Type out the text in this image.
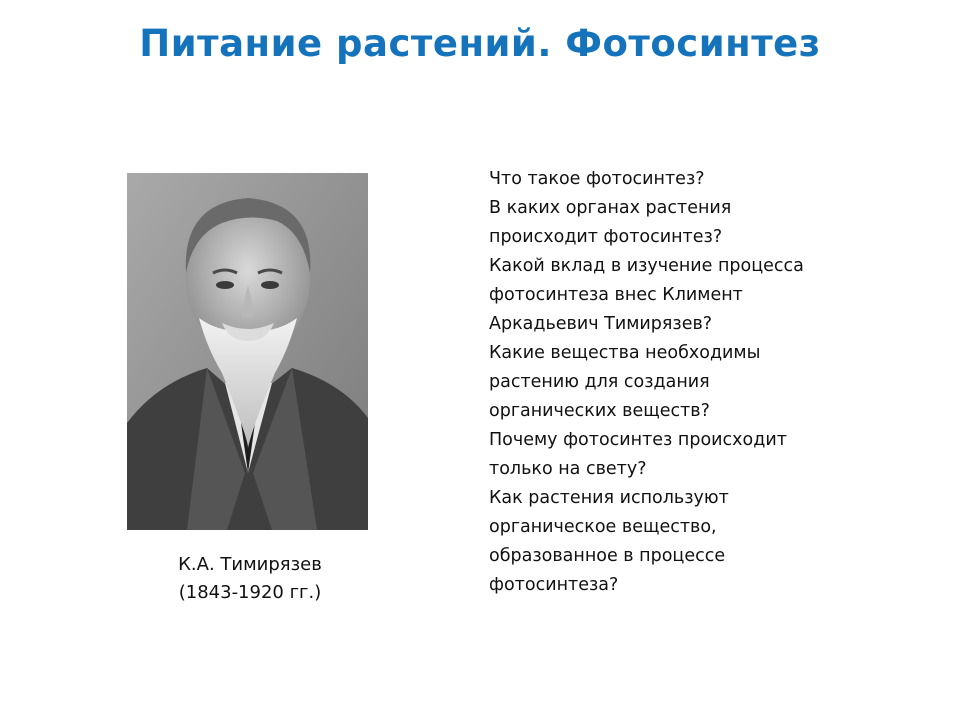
Питание растений. Фотосинтез
К.А. Тимирязев
(1843-1920 гг.)
Что такое фотосинтез?
В каких органах растения
происходит фотосинтез?
Какой вклад в изучение процесса
фотосинтеза внес Климент
Аркадьевич Тимирязев?
Какие вещества необходимы
растению для создания
органических веществ?
Почему фотосинтез происходит
только на свету?
Как растения используют
органическое вещество,
образованное в процессе
фотосинтеза?
